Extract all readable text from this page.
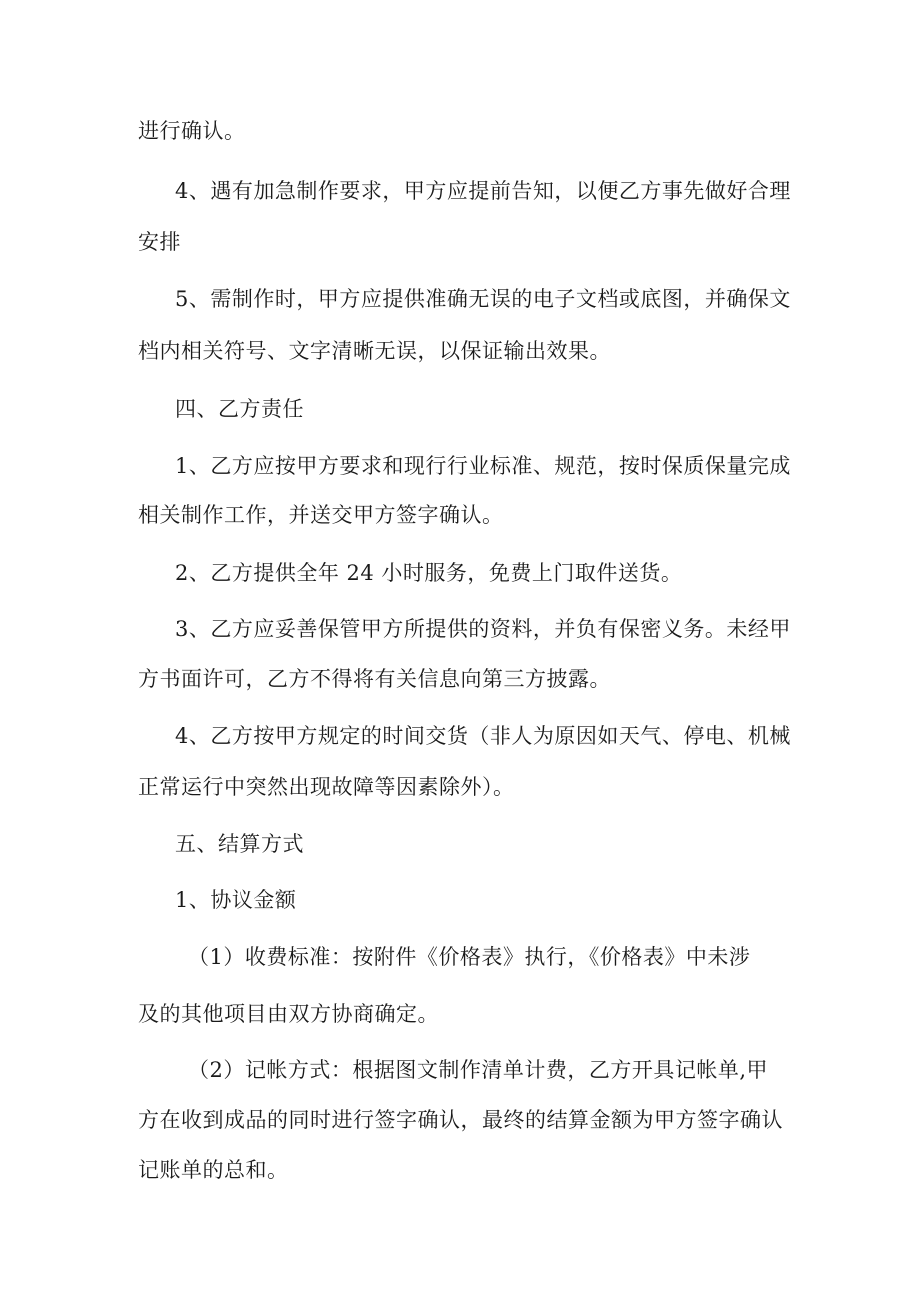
进行确认。
4、遇有加急制作要求，甲方应提前告知，以便乙方事先做好合理
安排
5、需制作时，甲方应提供准确无误的电子文档或底图，并确保文
档内相关符号、文字清晰无误，以保证输出效果。
四、乙方责任
1、乙方应按甲方要求和现行行业标准、规范，按时保质保量完成
相关制作工作，并送交甲方签字确认。
2、乙方提供全年 24 小时服务，免费上门取件送货。
3、乙方应妥善保管甲方所提供的资料，并负有保密义务。未经甲
方书面许可，乙方不得将有关信息向第三方披露。
4、乙方按甲方规定的时间交货（非人为原因如天气、停电、机械
正常运行中突然出现故障等因素除外）。
五、结算方式
1、协议金额
（1）收费标准：按附件《价格表》执行，《价格表》中未涉
及的其他项目由双方协商确定。
（2）记帐方式：根据图文制作清单计费，乙方开具记帐单,甲
方在收到成品的同时进行签字确认，最终的结算金额为甲方签字确认
记账单的总和。
